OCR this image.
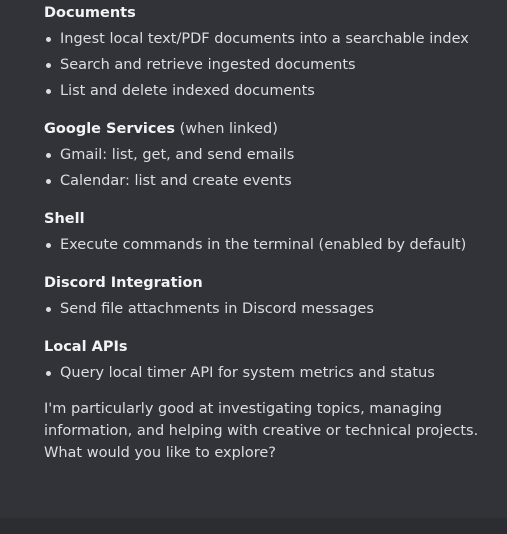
Documents
Ingest local text/PDF documents into a searchable index
Search and retrieve ingested documents
List and delete indexed documents
Google Services (when linked)
Gmail: list, get, and send emails
Calendar: list and create events
Shell
Execute commands in the terminal (enabled by default)
Discord Integration
Send file attachments in Discord messages
Local APIs
Query local timer API for system metrics and status
I'm particularly good at investigating topics, managing information, and helping with creative or technical projects. What would you like to explore?
